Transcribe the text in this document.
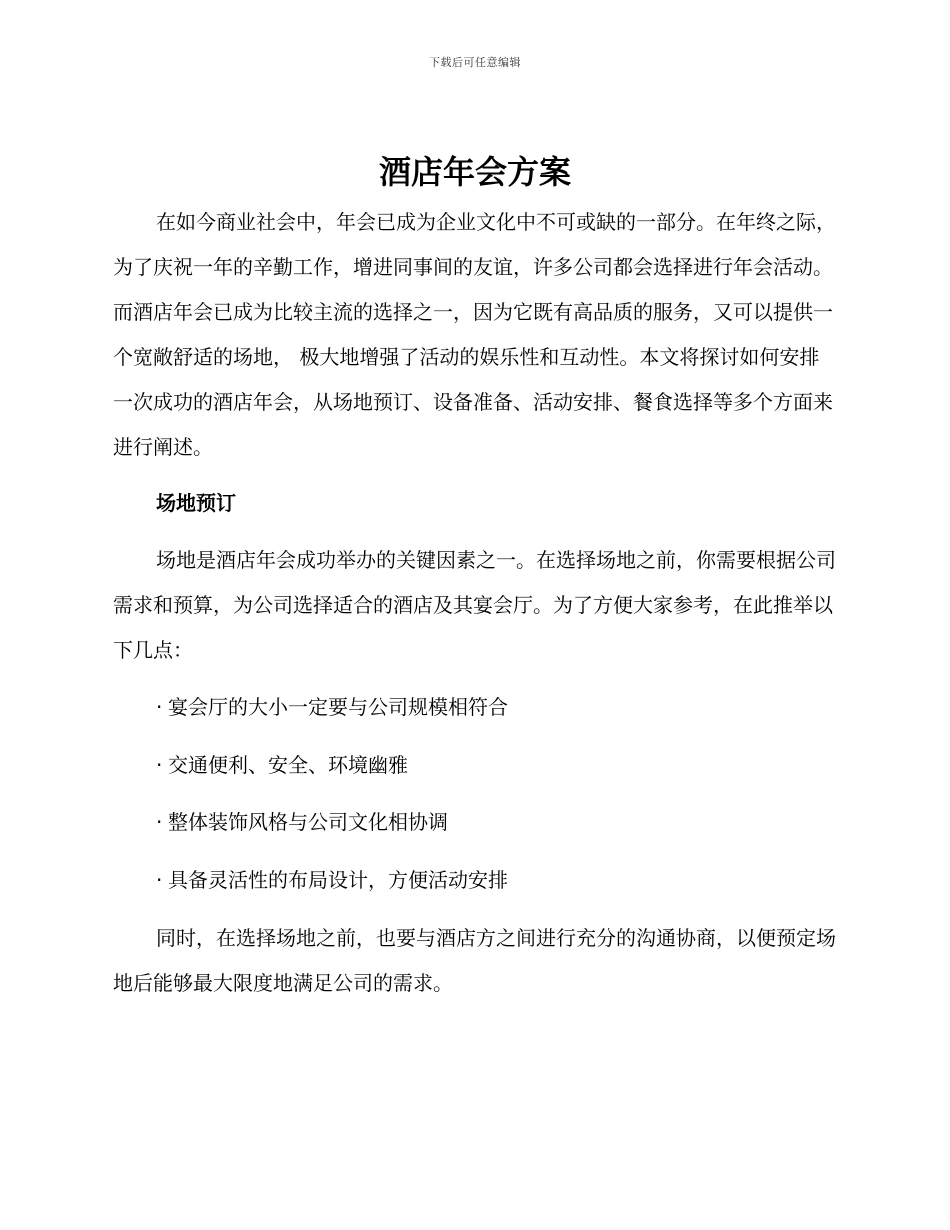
下载后可任意编辑
酒店年会方案

在如今商业社会中，年会已成为企业文化中不可或缺的一部分。在年终之际，为了庆祝一年的辛勤工作，增进同事间的友谊，许多公司都会选择进行年会活动。而酒店年会已成为比较主流的选择之一，因为它既有高品质的服务，又可以提供一个宽敞舒适的场地， 极大地增强了活动的娱乐性和互动性。本文将探讨如何安排一次成功的酒店年会，从场地预订、设备准备、活动安排、餐食选择等多个方面来进行阐述。

场地预订

场地是酒店年会成功举办的关键因素之一。在选择场地之前，你需要根据公司需求和预算，为公司选择适合的酒店及其宴会厅。为了方便大家参考，在此推举以下几点：

· 宴会厅的大小一定要与公司规模相符合
· 交通便利、安全、环境幽雅
· 整体装饰风格与公司文化相协调
· 具备灵活性的布局设计，方便活动安排

同时，在选择场地之前，也要与酒店方之间进行充分的沟通协商，以便预定场地后能够最大限度地满足公司的需求。
